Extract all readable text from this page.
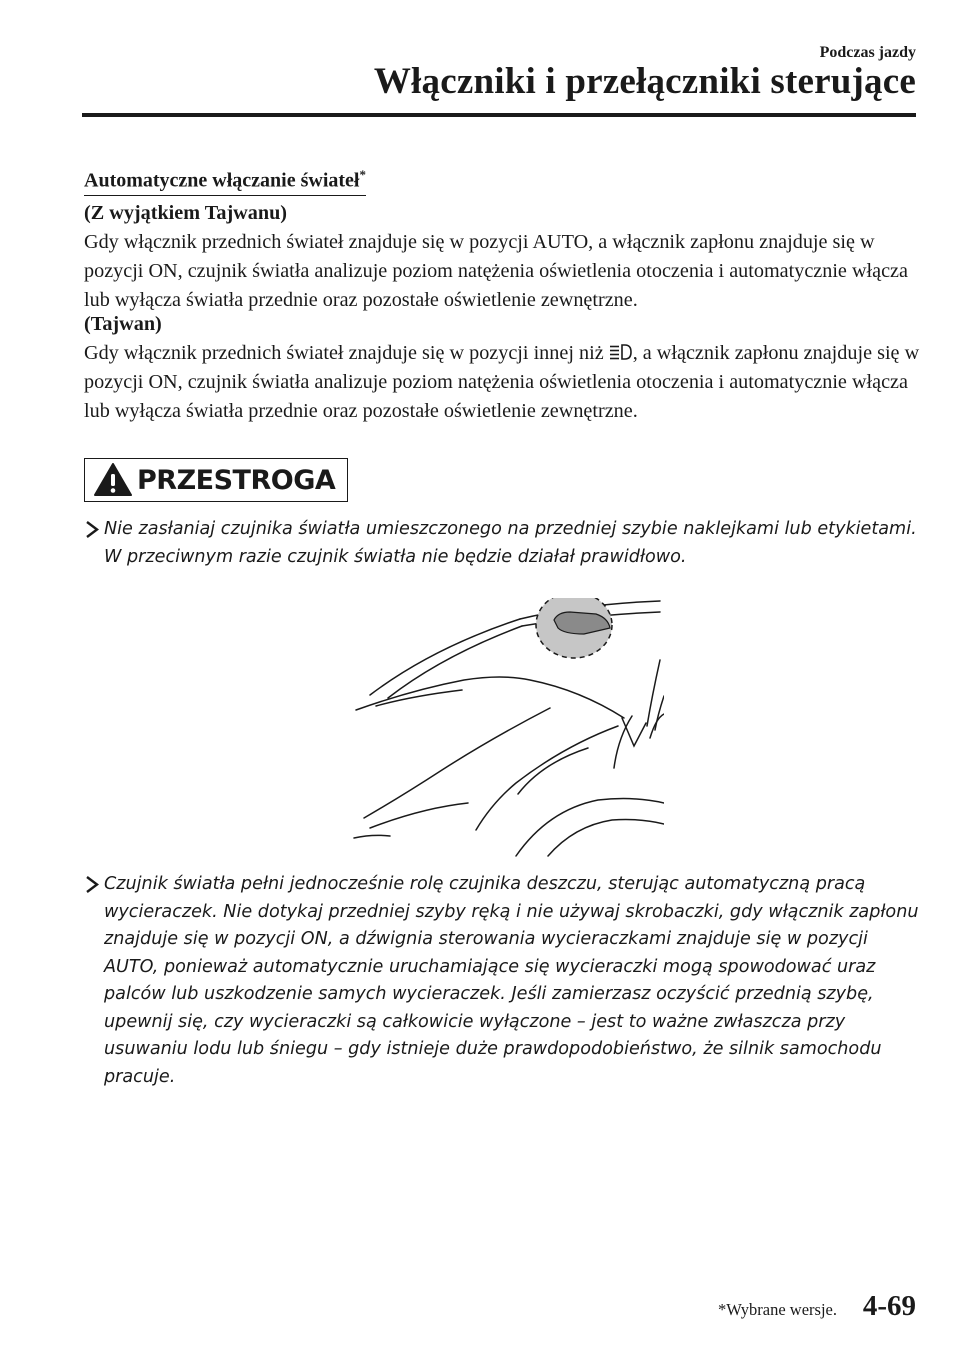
Podczas jazdy
Włączniki i przełączniki sterujące
Automatyczne włączanie świateł*
(Z wyjątkiem Tajwanu)
Gdy włącznik przednich świateł znajduje się w pozycji AUTO, a włącznik zapłonu znajduje się w pozycji ON, czujnik światła analizuje poziom natężenia oświetlenia otoczenia i automatycznie włącza lub wyłącza światła przednie oraz pozostałe oświetlenie zewnętrzne.
(Tajwan)
Gdy włącznik przednich świateł znajduje się w pozycji innej niż , a włącznik zapłonu znajduje się w pozycji ON, czujnik światła analizuje poziom natężenia oświetlenia otoczenia i automatycznie włącza lub wyłącza światła przednie oraz pozostałe oświetlenie zewnętrzne.
PRZESTROGA
Nie zasłaniaj czujnika światła umieszczonego na przedniej szybie naklejkami lub etykietami. W przeciwnym razie czujnik światła nie będzie działał prawidłowo.
Czujnik światła pełni jednocześnie rolę czujnika deszczu, sterując automatyczną pracą wycieraczek. Nie dotykaj przedniej szyby ręką i nie używaj skrobaczki, gdy włącznik zapłonu znajduje się w pozycji ON, a dźwignia sterowania wycieraczkami znajduje się w pozycji AUTO, ponieważ automatycznie uruchamiające się wycieraczki mogą spowodować uraz palców lub uszkodzenie samych wycieraczek. Jeśli zamierzasz oczyścić przednią szybę, upewnij się, czy wycieraczki są całkowicie wyłączone – jest to ważne zwłaszcza przy usuwaniu lodu lub śniegu – gdy istnieje duże prawdopodobieństwo, że silnik samochodu pracuje.
*Wybrane wersje. 4-69
